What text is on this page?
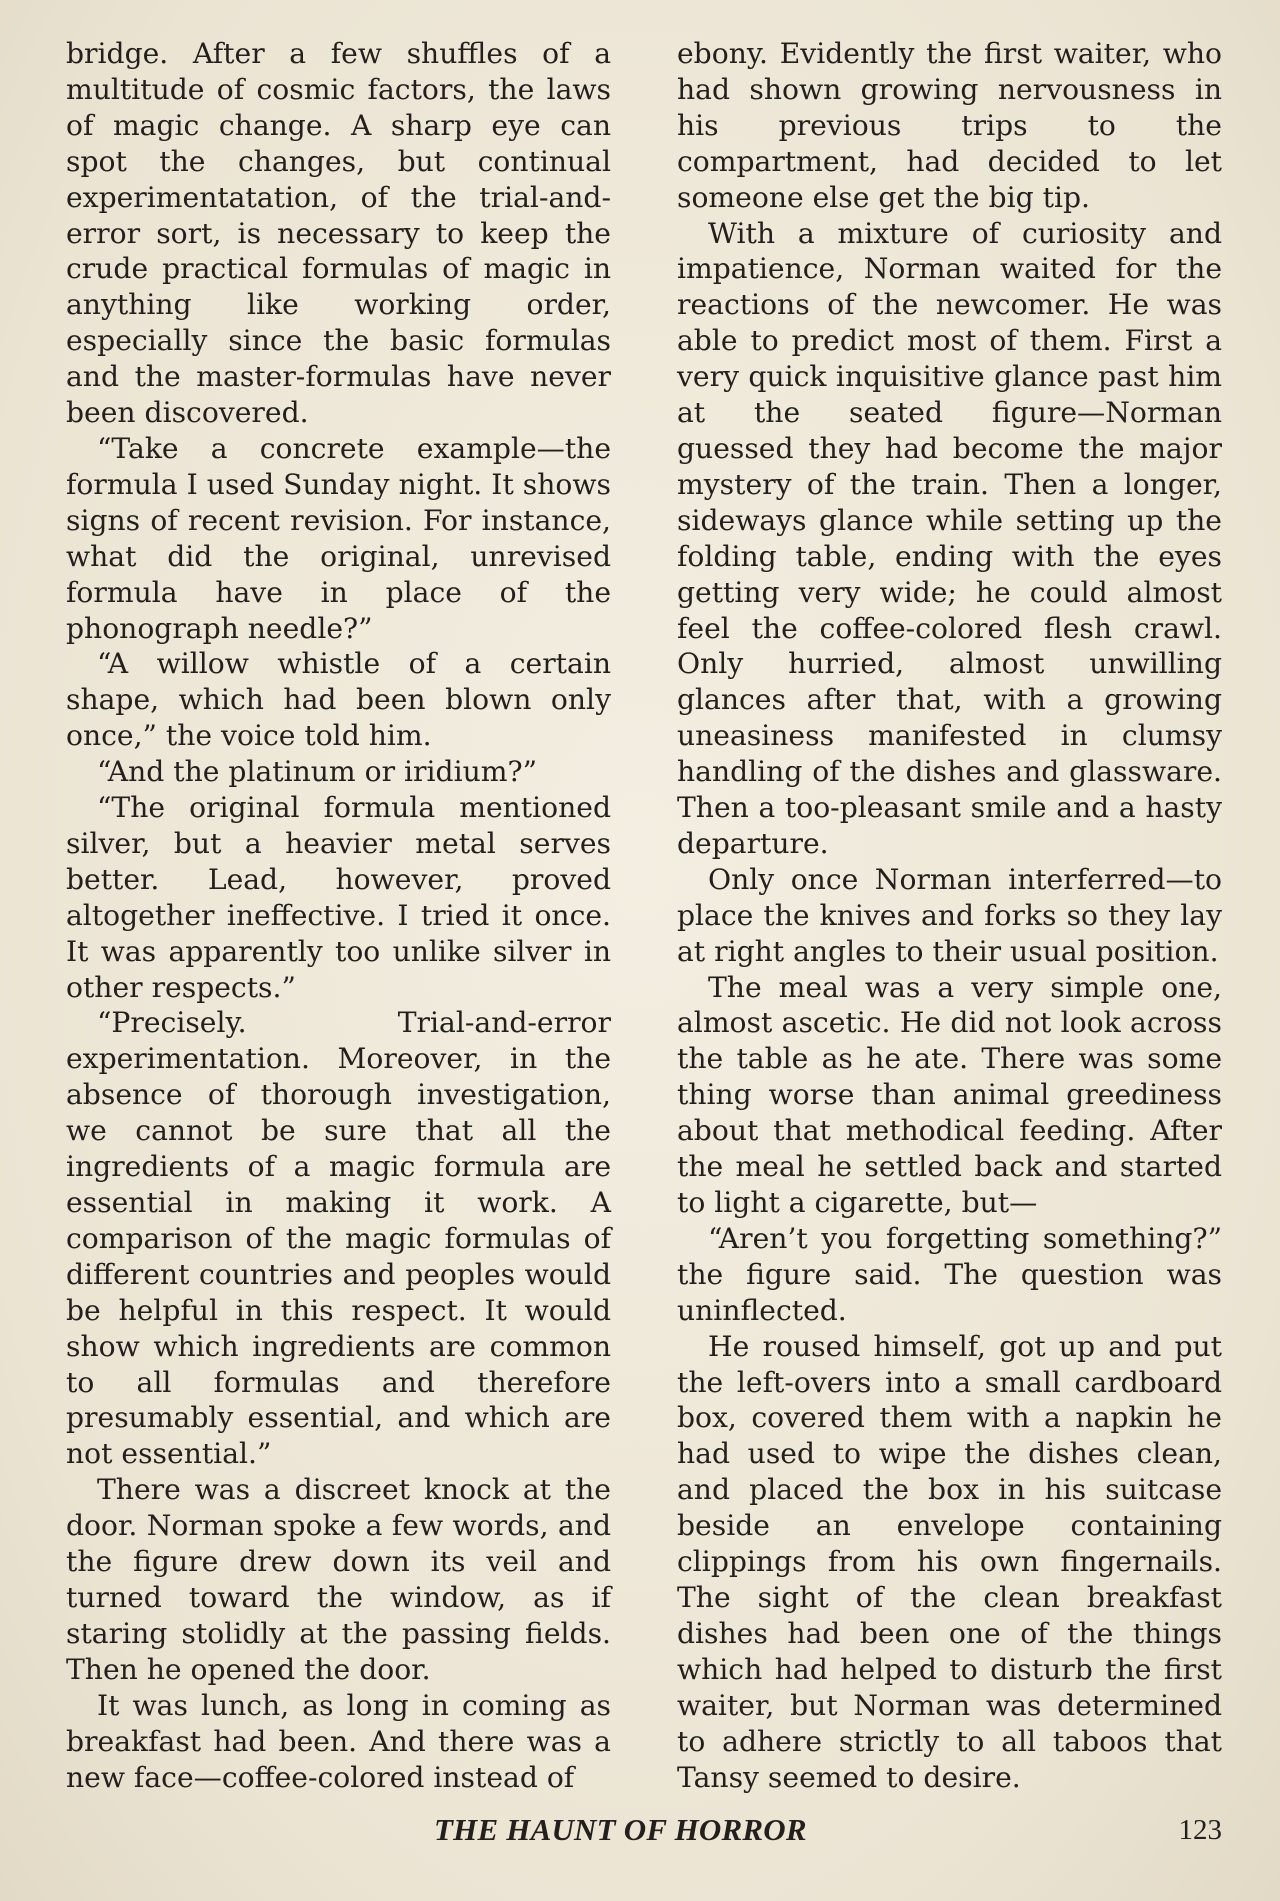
bridge. After a few shuffles of a multitude of cosmic factors, the laws of magic change. A sharp eye can spot the changes, but continual experimentatation, of the trial-and-error sort, is necessary to keep the crude practical formulas of magic in anything like working order, especially since the basic formulas and the master-formulas have never been discovered.

“Take a concrete example—the formula I used Sunday night. It shows signs of recent revision. For instance, what did the original, unrevised formula have in place of the phonograph needle?”

“A willow whistle of a certain shape, which had been blown only once,” the voice told him.

“And the platinum or iridium?”

“The original formula mentioned silver, but a heavier metal serves better. Lead, however, proved altogether ineffective. I tried it once. It was apparently too unlike silver in other respects.”

“Precisely. Trial-and-error experimentation. Moreover, in the absence of thorough investigation, we cannot be sure that all the ingredients of a magic formula are essential in making it work. A comparison of the magic formulas of different countries and peoples would be helpful in this respect. It would show which ingredients are common to all formulas and therefore presumably essential, and which are not essential.”

There was a discreet knock at the door. Norman spoke a few words, and the figure drew down its veil and turned toward the window, as if staring stolidly at the passing fields. Then he opened the door.

It was lunch, as long in coming as breakfast had been. And there was a new face—coffee-colored instead of

ebony. Evidently the first waiter, who had shown growing nervousness in his previous trips to the compartment, had decided to let someone else get the big tip.

With a mixture of curiosity and impatience, Norman waited for the reactions of the newcomer. He was able to predict most of them. First a very quick inquisitive glance past him at the seated figure—Norman guessed they had become the major mystery of the train. Then a longer, sideways glance while setting up the folding table, ending with the eyes getting very wide; he could almost feel the coffee-colored flesh crawl. Only hurried, almost unwilling glances after that, with a growing uneasiness manifested in clumsy handling of the dishes and glassware. Then a too-pleasant smile and a hasty departure.

Only once Norman interferred—to place the knives and forks so they lay at right angles to their usual position.

The meal was a very simple one, almost ascetic. He did not look across the table as he ate. There was some thing worse than animal greediness about that methodical feeding. After the meal he settled back and started to light a cigarette, but—

“Aren’t you forgetting something?” the figure said. The question was uninflected.

He roused himself, got up and put the left-overs into a small cardboard box, covered them with a napkin he had used to wipe the dishes clean, and placed the box in his suitcase beside an envelope containing clippings from his own fingernails. The sight of the clean breakfast dishes had been one of the things which had helped to disturb the first waiter, but Norman was determined to adhere strictly to all taboos that Tansy seemed to desire.

THE HAUNT OF HORROR	123
